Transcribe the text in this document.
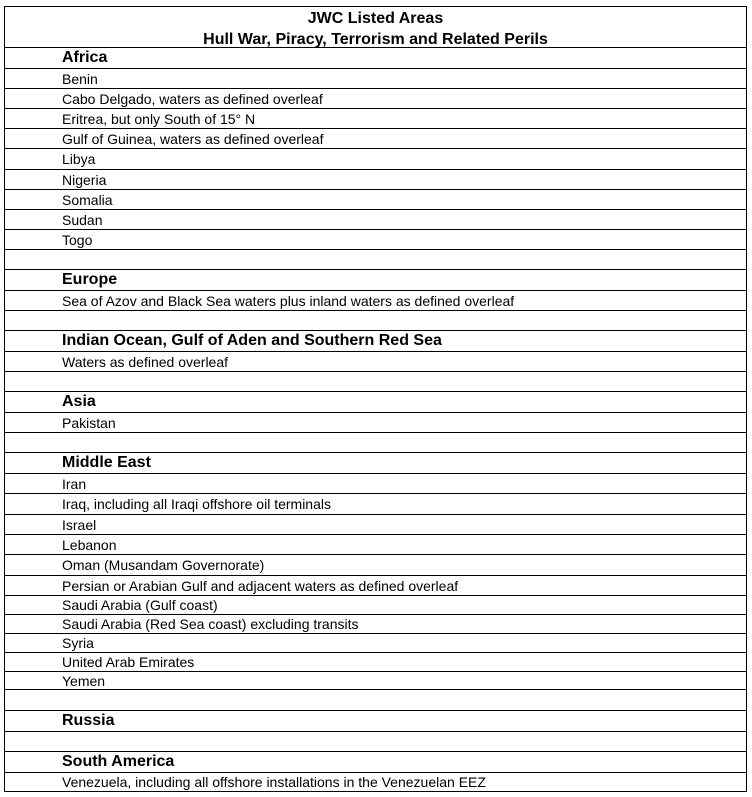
JWC Listed Areas
Hull War, Piracy, Terrorism and Related Perils
Africa
Benin
Cabo Delgado, waters as defined overleaf
Eritrea, but only South of 15° N
Gulf of Guinea, waters as defined overleaf
Libya
Nigeria
Somalia
Sudan
Togo

Europe
Sea of Azov and Black Sea waters plus inland waters as defined overleaf

Indian Ocean, Gulf of Aden and Southern Red Sea
Waters as defined overleaf

Asia
Pakistan

Middle East
Iran
Iraq, including all Iraqi offshore oil terminals
Israel
Lebanon
Oman (Musandam Governorate)
Persian or Arabian Gulf and adjacent waters as defined overleaf
Saudi Arabia (Gulf coast)
Saudi Arabia (Red Sea coast) excluding transits
Syria
United Arab Emirates
Yemen

Russia

South America
Venezuela, including all offshore installations in the Venezuelan EEZ
